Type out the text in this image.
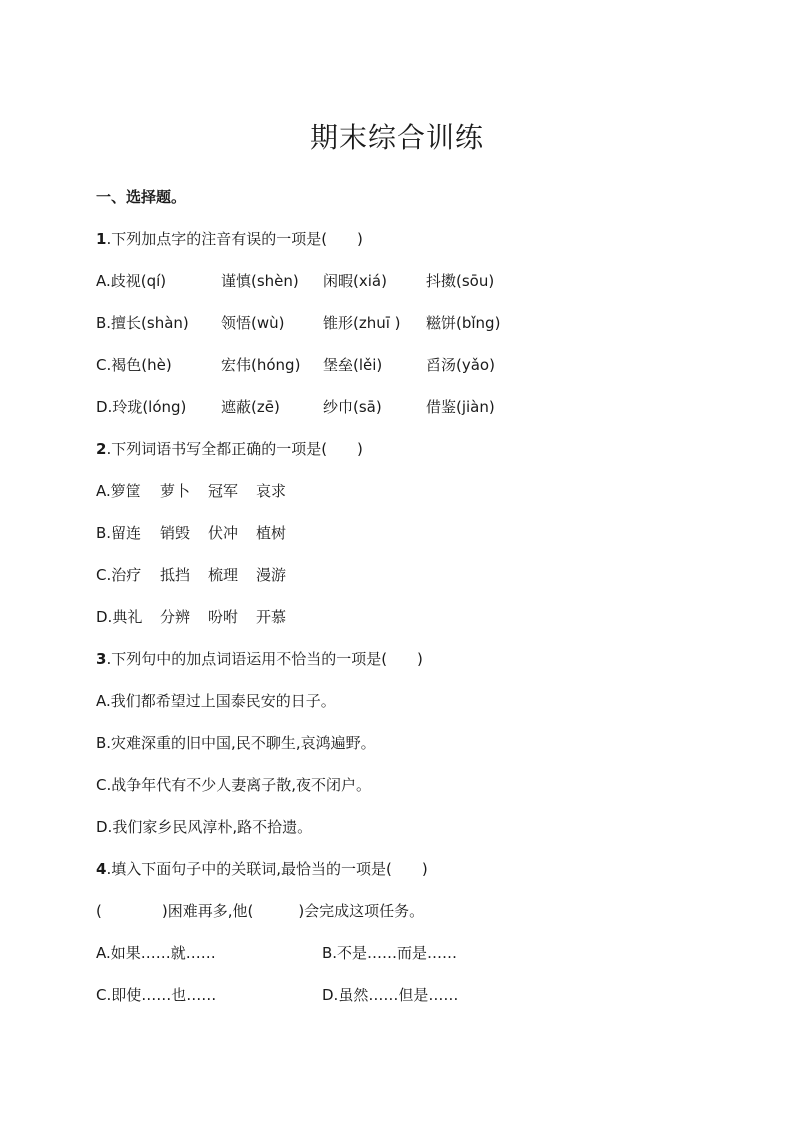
期末综合训练
一、选择题。
1.下列加点字的注音有误的一项是(　　)
A.歧视(qí)	谨慎(shèn) 闲暇(xiá)	抖擞(sōu)
B.擅长(shàn) 领悟(wù)	锥形(zhuī ) 糍饼(bǐng)
C.褐色(hè)	宏伟(hóng) 堡垒(lěi)	舀汤(yǎo)
D.玲珑(lóng) 遮蔽(zē)	纱巾(sā)	借鉴(jiàn)
2.下列词语书写全都正确的一项是(　　)
A.箩筐 萝卜 冠军 哀求
B.留连 销毁 伏冲 植树
C.治疗 抵挡 梳理 漫游
D.典礼 分辨 吩咐 开慕
3.下列句中的加点词语运用不恰当的一项是(　　)
A.我们都希望过上国泰民安的日子。
B.灾难深重的旧中国,民不聊生,哀鸿遍野。
C.战争年代有不少人妻离子散,夜不闭户。
D.我们家乡民风淳朴,路不拾遗。
4.填入下面句子中的关联词,最恰当的一项是(　　)
(　　　　)困难再多,他(　　　)会完成这项任务。
A.如果……就……	B.不是……而是……
C.即使……也……	D.虽然……但是……
